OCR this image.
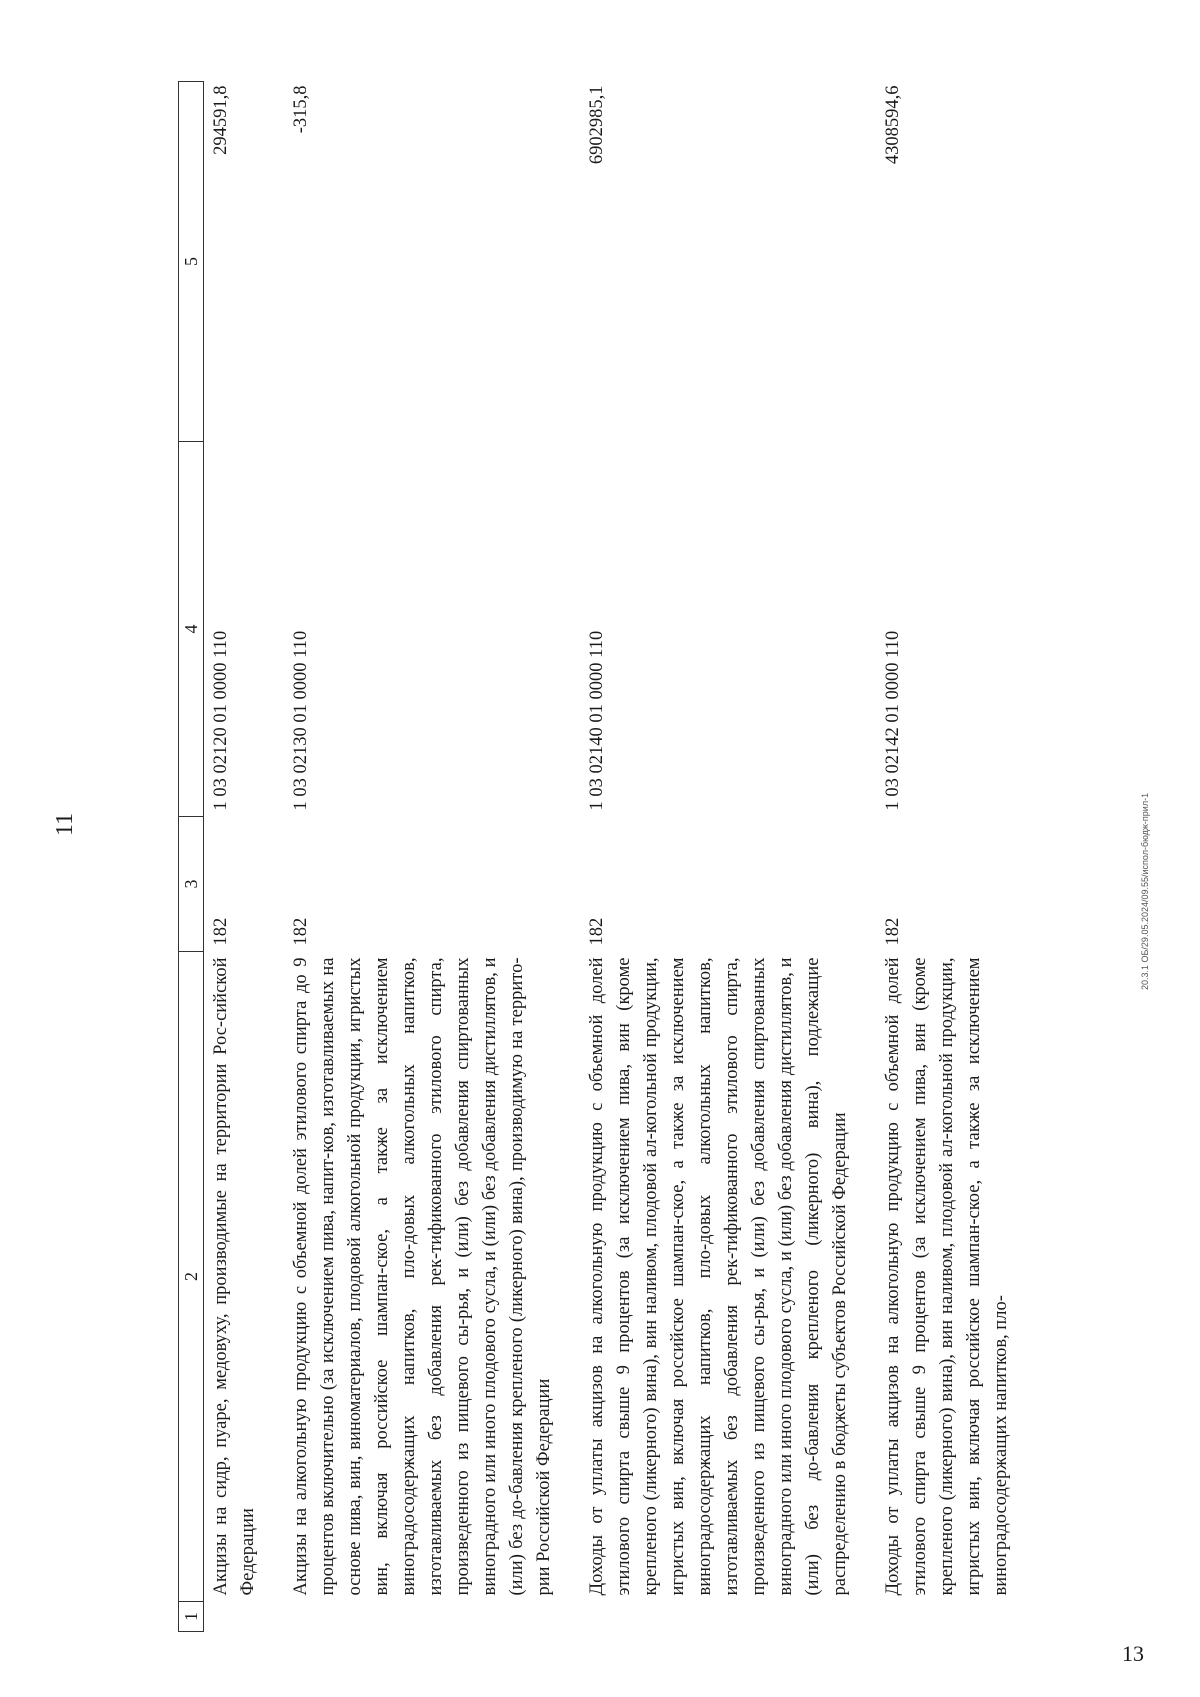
11
1	2	3	4	5
	Акцизы на сидр, пуаре, медовуху, производимые на территории Рос-сийской Федерации	182	1 03 02120 01 0000 110	294591,8
	Акцизы на алкогольную продукцию с объемной долей этилового спирта до 9 процентов включительно (за исключением пива, напит-ков, изготавливаемых на основе пива, вин, виноматериалов, плодовой алкогольной продукции, игристых вин, включая российское шампан-ское, а также за исключением виноградосодержащих напитков, пло-довых алкогольных напитков, изготавливаемых без добавления рек-тификованного этилового спирта, произведенного из пищевого сы-рья, и (или) без добавления спиртованных виноградного или иного плодового сусла, и (или) без добавления дистиллятов, и (или) без до-бавления крепленого (ликерного) вина), производимую на террито-рии Российской Федерации	182	1 03 02130 01 0000 110	-315,8
	Доходы от уплаты акцизов на алкогольную продукцию с объемной долей этилового спирта свыше 9 процентов (за исключением пива, вин (кроме крепленого (ликерного) вина), вин наливом, плодовой ал-когольной продукции, игристых вин, включая российское шампан-ское, а также за исключением виноградосодержащих напитков, пло-довых алкогольных напитков, изготавливаемых без добавления рек-тификованного этилового спирта, произведенного из пищевого сы-рья, и (или) без добавления спиртованных виноградного или иного плодового сусла, и (или) без добавления дистиллятов, и (или) без до-бавления крепленого (ликерного) вина), подлежащие распределению в бюджеты субъектов Российской Федерации	182	1 03 02140 01 0000 110	6902985,1
	Доходы от уплаты акцизов на алкогольную продукцию с объемной долей этилового спирта свыше 9 процентов (за исключением пива, вин (кроме крепленого (ликерного) вина), вин наливом, плодовой ал-когольной продукции, игристых вин, включая российское шампан-ское, а также за исключением виноградосодержащих напитков, пло-	182	1 03 02142 01 0000 110	4308594,6
20.3.1 ОБ/29.05.2024/09.55/испол-бюдж-прил-1
13
